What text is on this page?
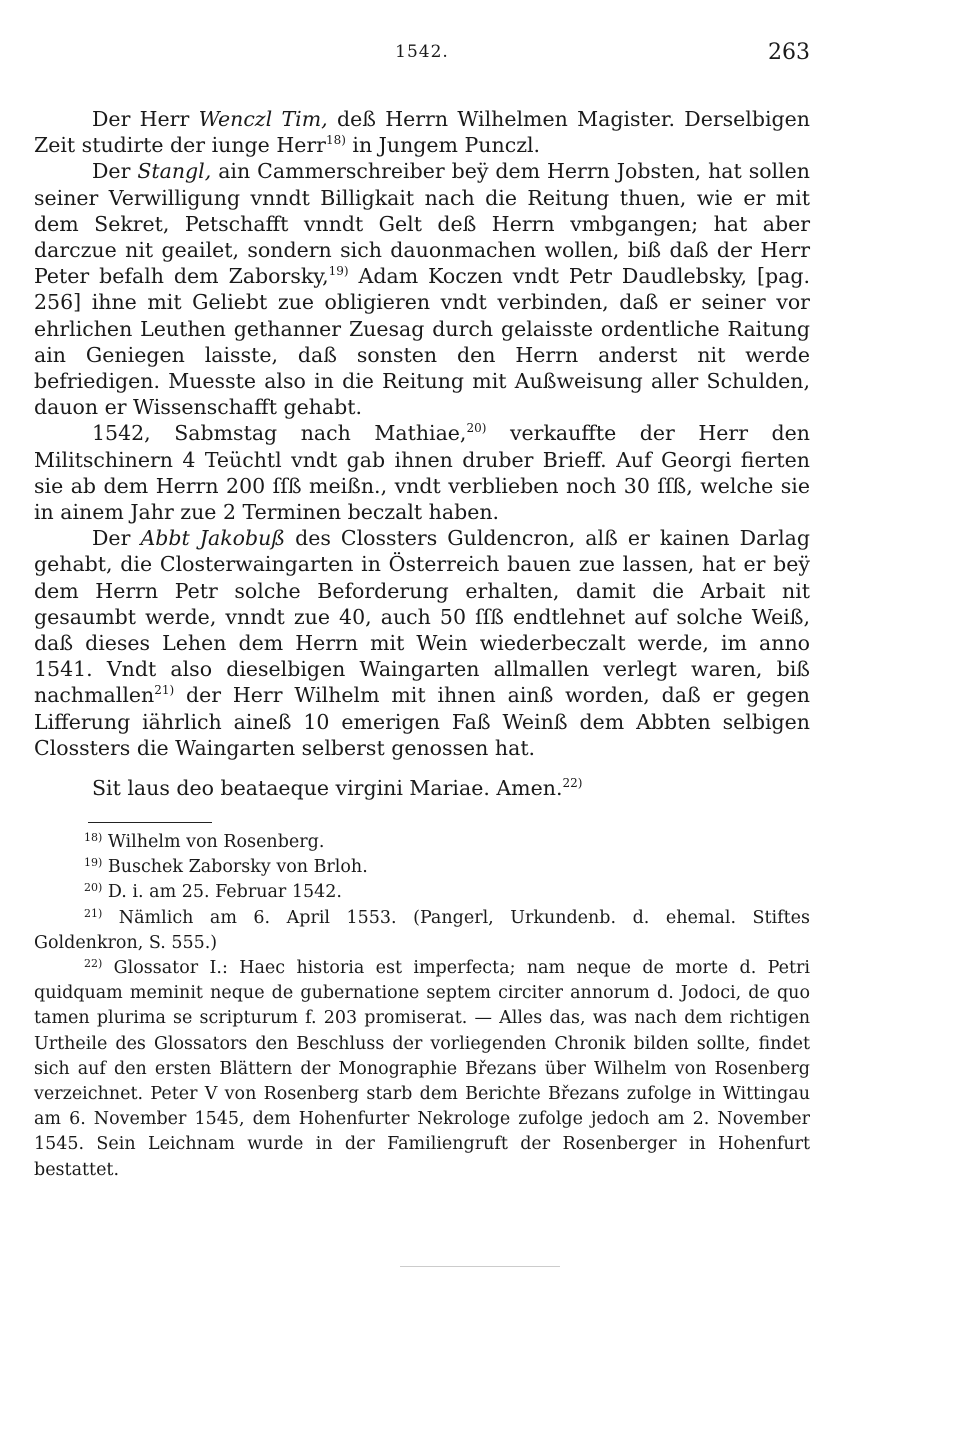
1542.	263

Der Herr Wenczl Tim, deß Herrn Wilhelmen Magister. Derselbigen Zeit studirte der iunge Herr$^{18)}$ in Jungem Punczl.

Der Stangl, ain Cammerschreiber beÿ dem Herrn Jobsten, hat sollen seiner Verwilligung vnndt Billigkait nach die Reitung thuen, wie er mit dem Sekret, Petschafft vnndt Gelt deß Herrn vmbgangen; hat aber darczue nit geailet, sondern sich dauonmachen wollen, biß daß der Herr Peter befalh dem Zaborsky,$^{19)}$ Adam Koczen vndt Petr Daudlebsky, [pag. 256] ihne mit Geliebt zue obligieren vndt verbinden, daß er seiner vor ehrlichen Leuthen gethanner Zuesag durch gelaisste ordentliche Raitung ain Geniegen laisste, daß sonsten den Herrn anderst nit werde befriedigen. Muesste also in die Reitung mit Außweisung aller Schulden, dauon er Wissenschafft gehabt.

1542, Sabmstag nach Mathiae,$^{20)}$ verkauffte der Herr den Militschinern 4 Teüchtl vndt gab ihnen druber Brieff. Auf Georgi fierten sie ab dem Herrn 200 ſſß meißn., vndt verblieben noch 30 ſſß, welche sie in ainem Jahr zue 2 Terminen beczalt haben.

Der Abbt Jakobuß des Clossters Guldencron, alß er kainen Darlag gehabt, die Closterwaingarten in Österreich bauen zue lassen, hat er beÿ dem Herrn Petr solche Beforderung erhalten, damit die Arbait nit gesaumbt werde, vnndt zue 40, auch 50 ſſß endtlehnet auf solche Weiß, daß dieses Lehen dem Herrn mit Wein wiederbeczalt werde, im anno 1541. Vndt also dieselbigen Waingarten allmallen verlegt waren, biß nachmallen$^{21)}$ der Herr Wilhelm mit ihnen ainß worden, daß er gegen Lifferung iährlich aineß 10 emerigen Faß Weinß dem Abbten selbigen Clossters die Waingarten selberst genossen hat.

Sit laus deo beataeque virgini Mariae. Amen.$^{22)}$

$^{18)}$ Wilhelm von Rosenberg.

$^{19)}$ Buschek Zaborsky von Brloh.

$^{20)}$ D. i. am 25. Februar 1542.

$^{21)}$ Nämlich am 6. April 1553. (Pangerl, Urkundenb. d. ehemal. Stiftes Goldenkron, S. 555.)

$^{22)}$ Glossator I.: Haec historia est imperfecta; nam neque de morte d. Petri quidquam meminit neque de gubernatione septem circiter annorum d. Jodoci, de quo tamen plurima se scripturum f. 203 promiserat. — Alles das, was nach dem richtigen Urtheile des Glossators den Beschluss der vorliegenden Chronik bilden sollte, findet sich auf den ersten Blättern der Monographie Březans über Wilhelm von Rosenberg verzeichnet. Peter V von Rosenberg starb dem Berichte Březans zufolge in Wittingau am 6. November 1545, dem Hohenfurter Nekrologe zufolge jedoch am 2. November 1545. Sein Leichnam wurde in der Familiengruft der Rosenberger in Hohenfurt bestattet.
